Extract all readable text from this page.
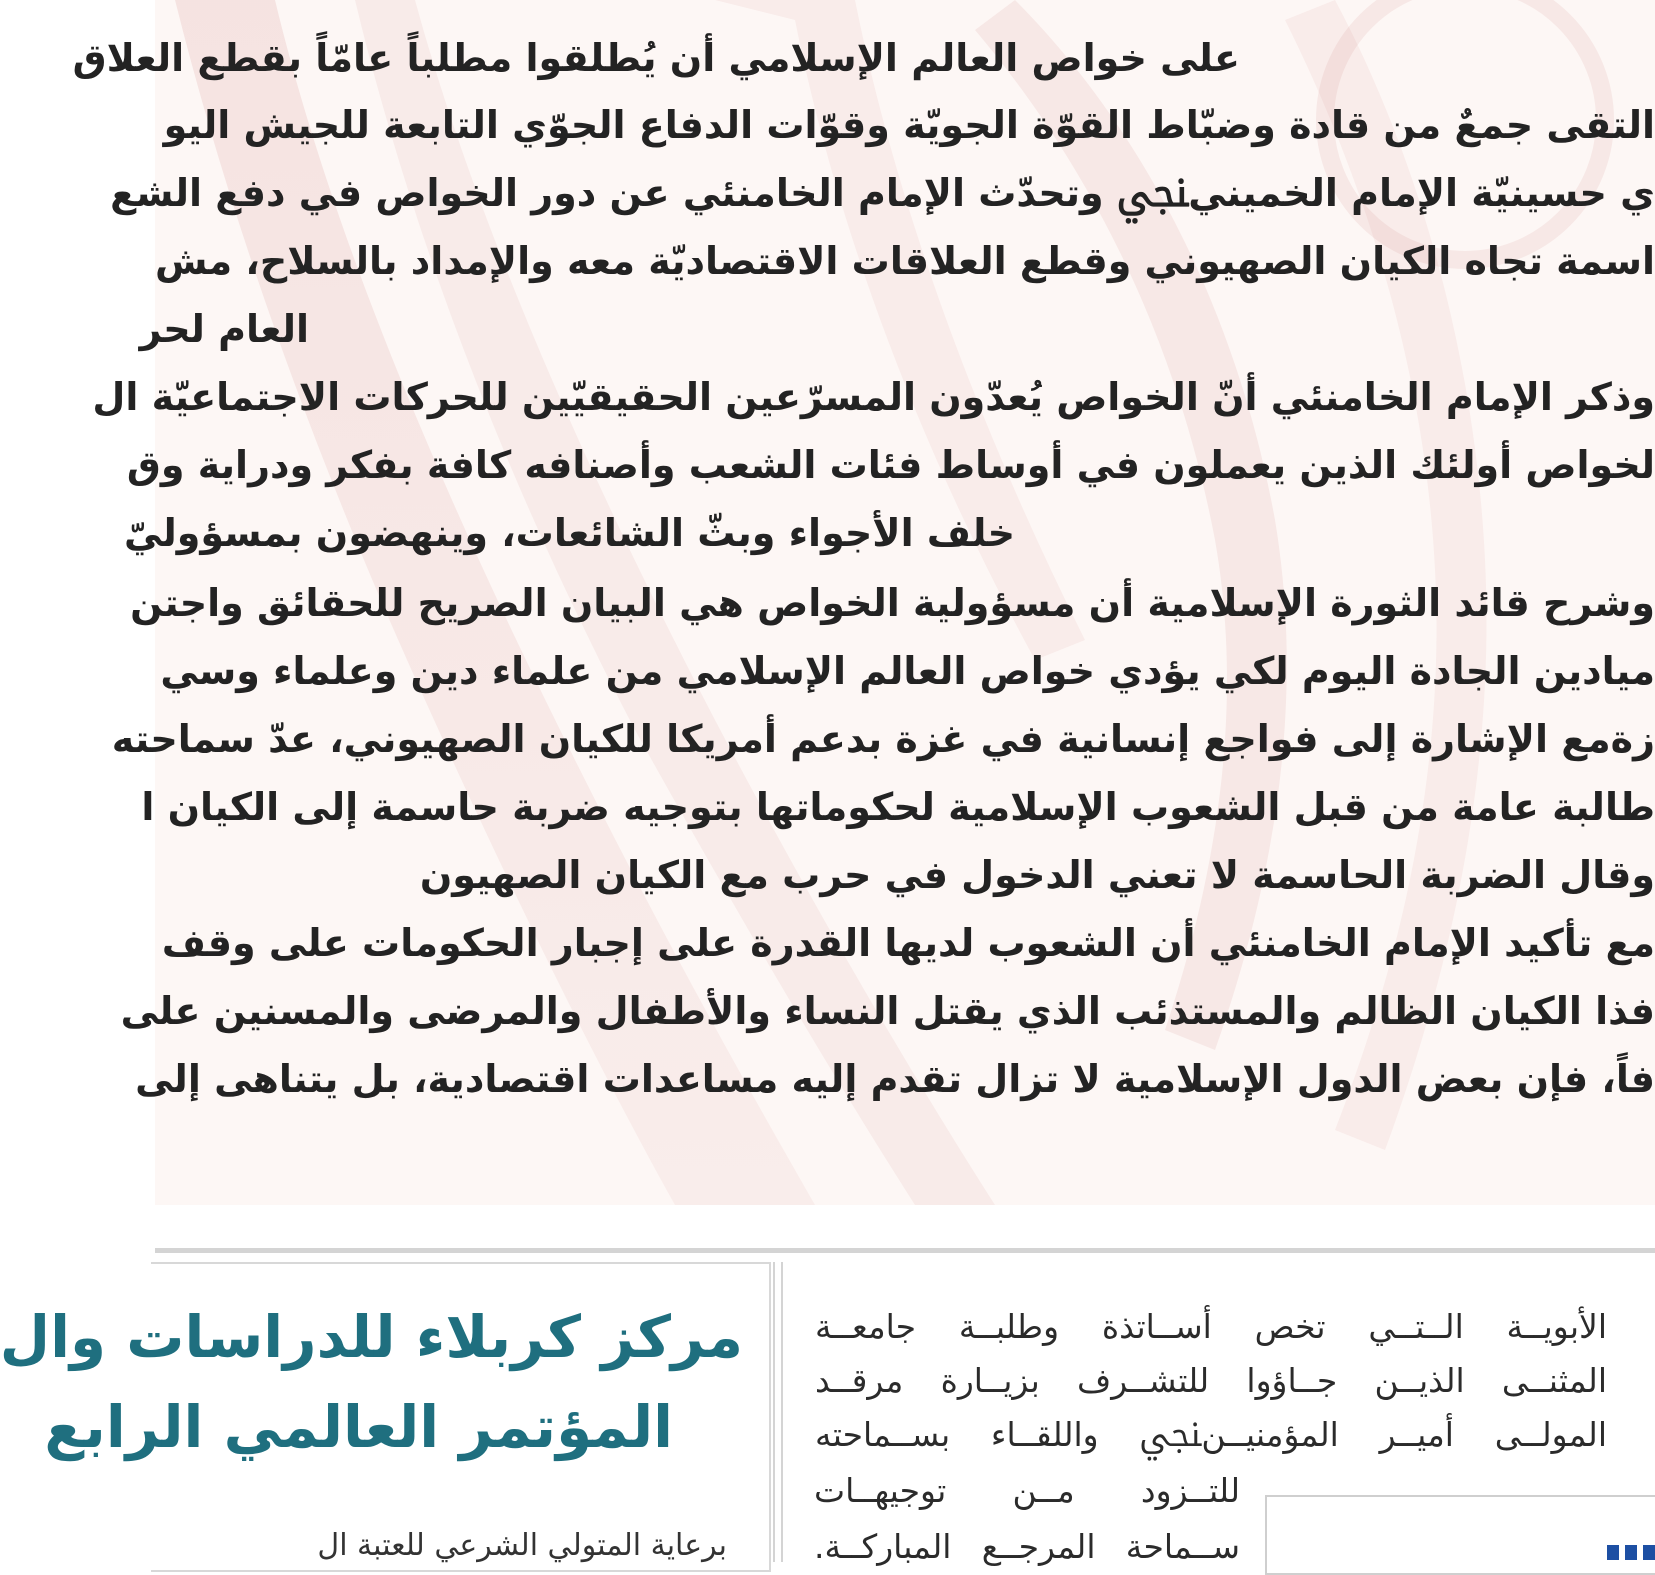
على خواص العالم الإسلامي أن يُطلقوا مطلباً عامّاً بقطع العلاق
التقى جمعٌ من قادة وضبّاط القوّة الجويّة وقوّات الدفاع الجوّي التابعة للجيش اليو
ي حسينيّة الإمام الخمينيﷇ وتحدّث الإمام الخامنئي عن دور الخواص في دفع الشع
اسمة تجاه الكيان الصهيوني وقطع العلاقات الاقتصاديّة معه والإمداد بالسلاح، مش
العام لحر
وذكر الإمام الخامنئي أنّ الخواص يُعدّون المسرّعين الحقيقيّين للحركات الاجتماعيّة ال
لخواص أولئك الذين يعملون في أوساط فئات الشعب وأصنافه كافة بفكر ودراية وق
خلف الأجواء وبثّ الشائعات، وينهضون بمسؤوليّ
وشرح قائد الثورة الإسلامية أن مسؤولية الخواص هي البيان الصريح للحقائق واجتن
ميادين الجادة اليوم لكي يؤدي خواص العالم الإسلامي من علماء دين وعلماء وسي
زةمع الإشارة إلى فواجع إنسانية في غزة بدعم أمريكا للكيان الصهيوني، عدّ سماحته
طالبة عامة من قبل الشعوب الإسلامية لحكوماتها بتوجيه ضربة حاسمة إلى الكيان ا
وقال الضربة الحاسمة لا تعني الدخول في حرب مع الكيان الصهيون
مع تأكيد الإمام الخامنئي أن الشعوب لديها القدرة على إجبار الحكومات على وقف
فذا الكيان الظالم والمستذئب الذي يقتل النساء والأطفال والمرضى والمسنين على
فاً، فإن بعض الدول الإسلامية لا تزال تقدم إليه مساعدات اقتصادية، بل يتناهى إلى
مركز كربلاء للدراسات وال
المؤتمر العالمي الرابع
برعاية المتولي الشرعي للعتبة ال
الأبويــة الــتــي تخص أســاتذة وطلبــة جامعــة
المثنــى الذيــن جــاؤوا للتشــرف بزيــارة مرقــد
المولــى أميــر المؤمنيــنﷇ واللقــاء بســماحته
للتــزود مــن توجيهــات
ســماحة المرجــع المباركــة.
